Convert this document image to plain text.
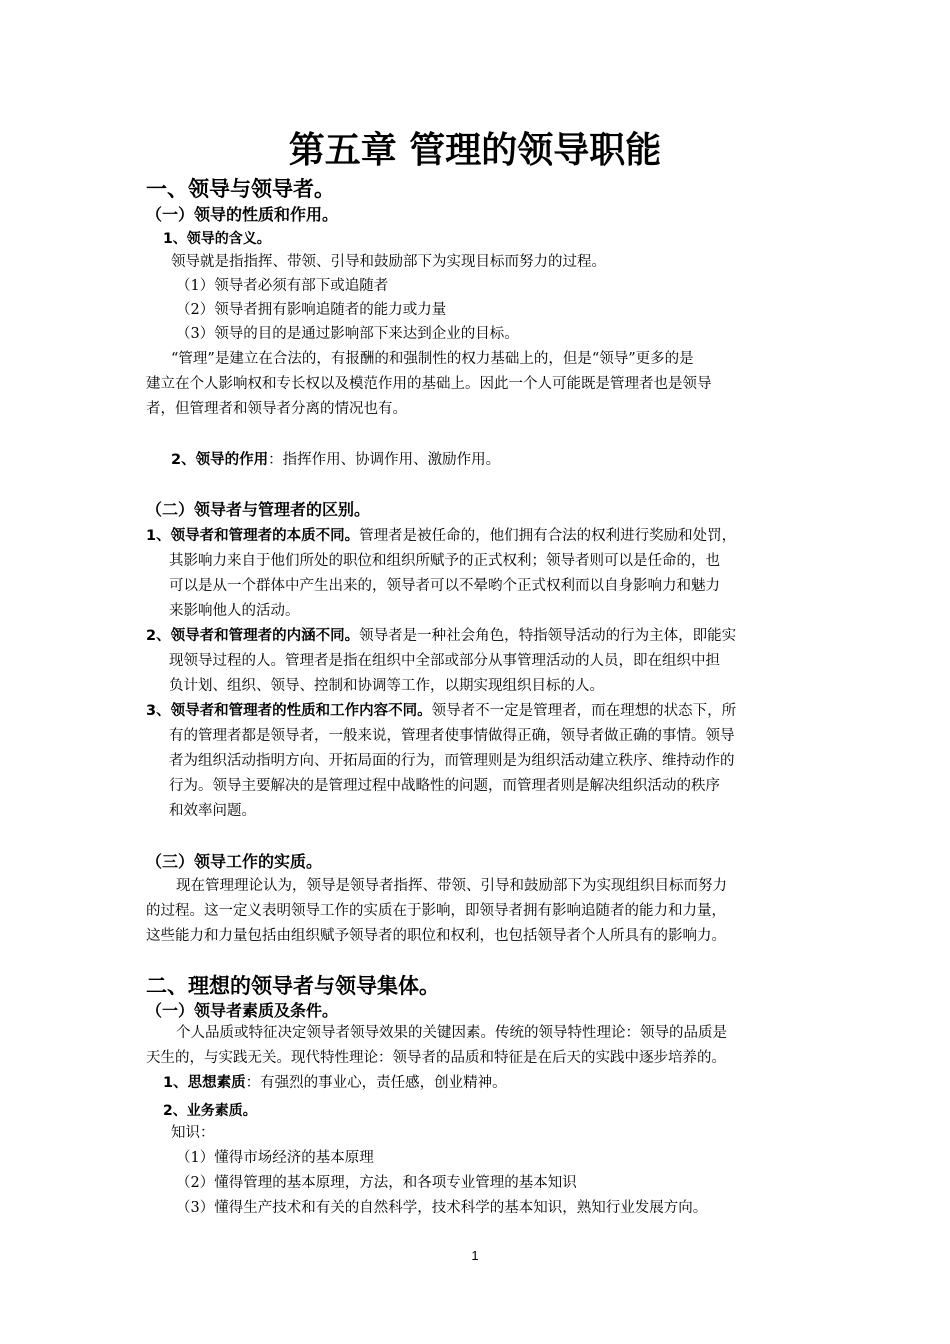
第五章 管理的领导职能
一、领导与领导者。
（一）领导的性质和作用。
1、领导的含义。
领导就是指指挥、带领、引导和鼓励部下为实现目标而努力的过程。
（1）领导者必须有部下或追随者
（2）领导者拥有影响追随者的能力或力量
（3）领导的目的是通过影响部下来达到企业的目标。
“管理”是建立在合法的，有报酬的和强制性的权力基础上的，但是“领导”更多的是
建立在个人影响权和专长权以及模范作用的基础上。因此一个人可能既是管理者也是领导
者，但管理者和领导者分离的情况也有。
2、领导的作用：指挥作用、协调作用、激励作用。
（二）领导者与管理者的区别。
1、领导者和管理者的本质不同。管理者是被任命的，他们拥有合法的权利进行奖励和处罚，
其影响力来自于他们所处的职位和组织所赋予的正式权利；领导者则可以是任命的，也
可以是从一个群体中产生出来的，领导者可以不晕哟个正式权利而以自身影响力和魅力
来影响他人的活动。
2、领导者和管理者的内涵不同。领导者是一种社会角色，特指领导活动的行为主体，即能实
现领导过程的人。管理者是指在组织中全部或部分从事管理活动的人员，即在组织中担
负计划、组织、领导、控制和协调等工作，以期实现组织目标的人。
3、领导者和管理者的性质和工作内容不同。领导者不一定是管理者，而在理想的状态下，所
有的管理者都是领导者，一般来说，管理者使事情做得正确，领导者做正确的事情。领导
者为组织活动指明方向、开拓局面的行为，而管理则是为组织活动建立秩序、维持动作的
行为。领导主要解决的是管理过程中战略性的问题，而管理者则是解决组织活动的秩序
和效率问题。
（三）领导工作的实质。
现在管理理论认为，领导是领导者指挥、带领、引导和鼓励部下为实现组织目标而努力
的过程。这一定义表明领导工作的实质在于影响，即领导者拥有影响追随者的能力和力量，
这些能力和力量包括由组织赋予领导者的职位和权利，也包括领导者个人所具有的影响力。
二、理想的领导者与领导集体。
（一）领导者素质及条件。
个人品质或特征决定领导者领导效果的关键因素。传统的领导特性理论：领导的品质是
天生的，与实践无关。现代特性理论：领导者的品质和特征是在后天的实践中逐步培养的。
1、思想素质：有强烈的事业心，责任感，创业精神。
2、业务素质。
知识：
（1）懂得市场经济的基本原理
（2）懂得管理的基本原理，方法，和各项专业管理的基本知识
（3）懂得生产技术和有关的自然科学，技术科学的基本知识，熟知行业发展方向。
1
